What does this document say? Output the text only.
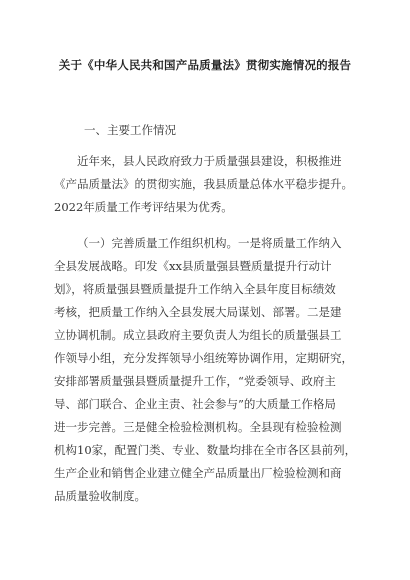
关于《中华人民共和国产品质量法》贯彻实施情况的报告
一、主要工作情况
近年来，县人民政府致力于质量强县建设，积极推进
《产品质量法》的贯彻实施，我县质量总体水平稳步提升。
2022年质量工作考评结果为优秀。
（一）完善质量工作组织机构。一是将质量工作纳入
全县发展战略。印发《xx县质量强县暨质量提升行动计
划》，将质量强县暨质量提升工作纳入全县年度目标绩效
考核，把质量工作纳入全县发展大局谋划、部署。二是建
立协调机制。成立县政府主要负责人为组长的质量强县工
作领导小组，充分发挥领导小组统筹协调作用，定期研究，
安排部署质量强县暨质量提升工作，“党委领导、政府主
导、部门联合、企业主责、社会参与”的大质量工作格局
进一步完善。三是健全检验检测机构。全县现有检验检测
机构10家，配置门类、专业、数量均排在全市各区县前列，
生产企业和销售企业建立健全产品质量出厂检验检测和商
品质量验收制度。
